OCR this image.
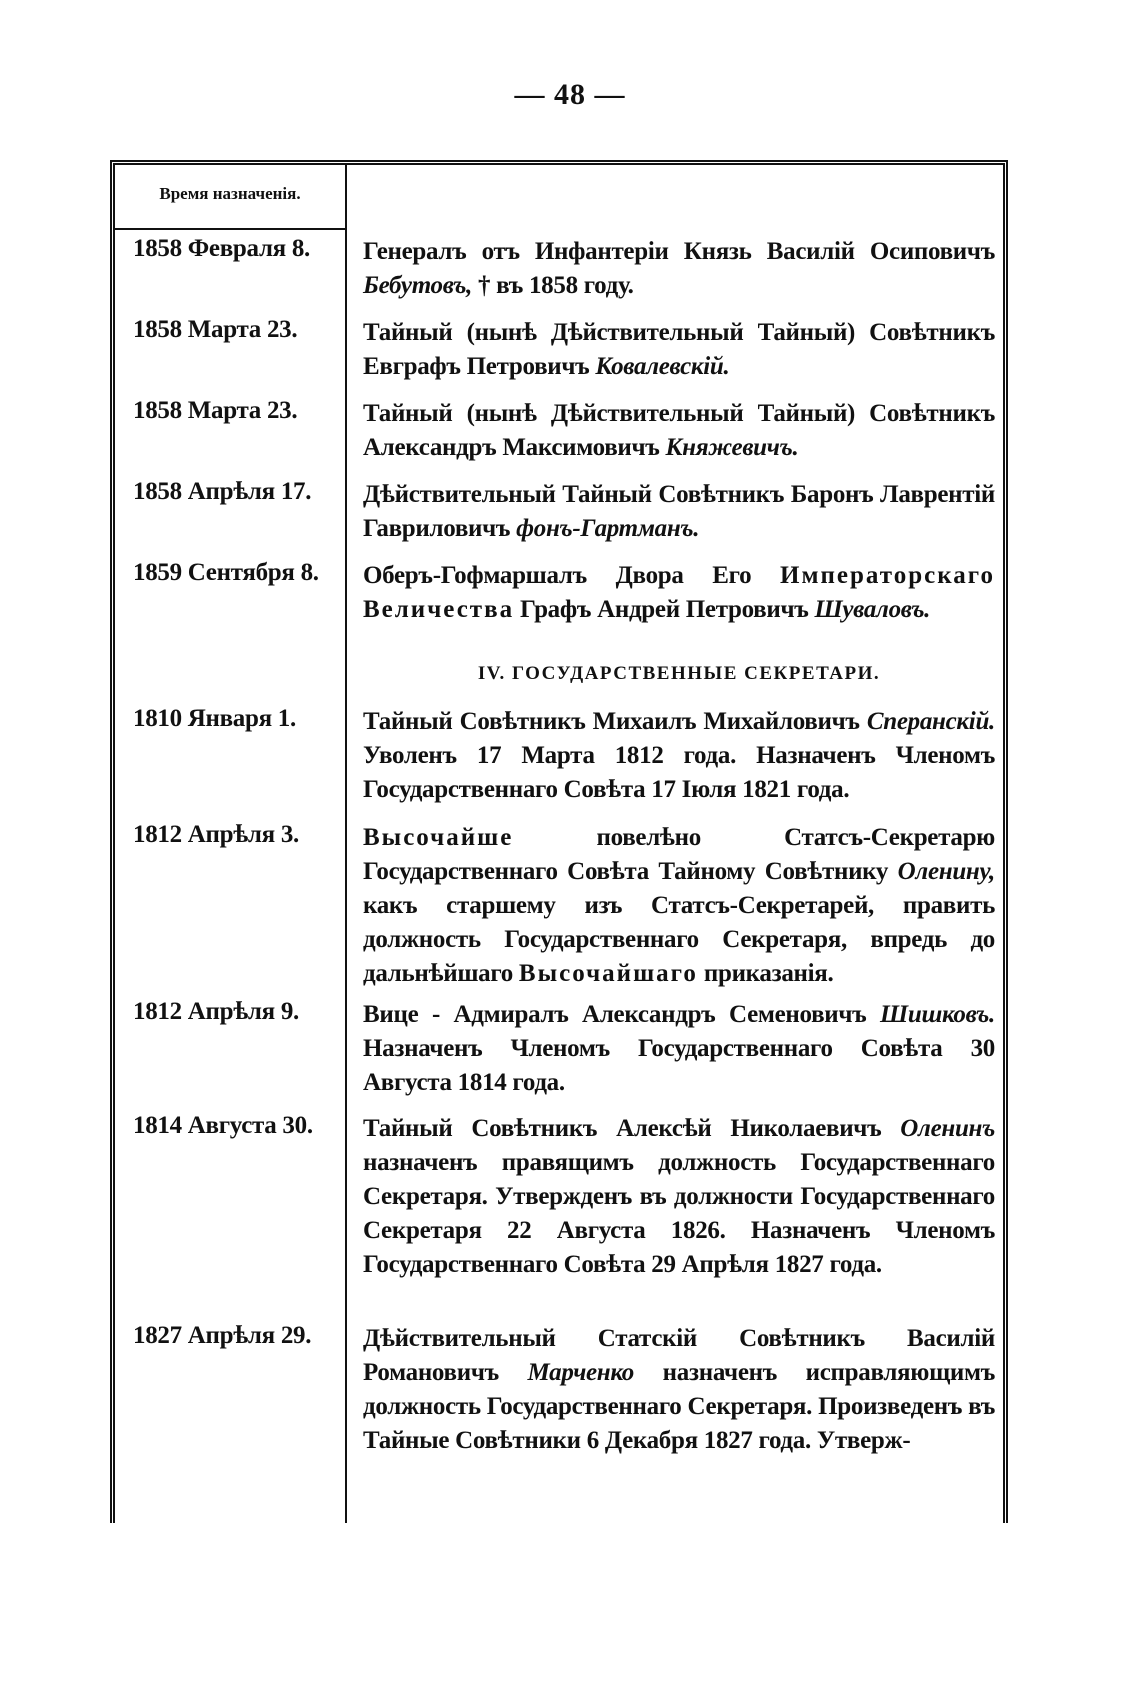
— 48 —
Время назначенія.
1858 Февраля 8.	Генералъ отъ Инфантеріи Князь Василій Осиповичъ Бебутовъ, † въ 1858 году.
1858 Марта 23.	Тайный (нынѣ Дѣйствительный Тайный) Совѣтникъ Евграфъ Петровичъ Ковалевскій.
1858 Марта 23.	Тайный (нынѣ Дѣйствительный Тайный) Совѣтникъ Александръ Максимовичъ Княжевичъ.
1858 Апрѣля 17.	Дѣйствительный Тайный Совѣтникъ Баронъ Лаврентій Гавриловичъ фонъ-Гартманъ.
1859 Сентября 8.	Оберъ-Гофмаршалъ Двора Его Императорскаго Величества Графъ Андрей Петровичъ Шуваловъ.
IV. ГОСУДАРСТВЕННЫЕ СЕКРЕТАРИ.
1810 Января 1.	Тайный Совѣтникъ Михаилъ Михайловичъ Сперанскій. Уволенъ 17 Марта 1812 года. Назначенъ Членомъ Государственнаго Совѣта 17 Іюля 1821 года.
1812 Апрѣля 3.	Высочайше повелѣно Статсъ-Секретарю Государственнаго Совѣта Тайному Совѣтнику Оленину, какъ старшему изъ Статсъ-Секретарей, править должность Государственнаго Секретаря, впредь до дальнѣйшаго Высочайшаго приказанія.
1812 Апрѣля 9.	Вице - Адмиралъ Александръ Семеновичъ Шишковъ. Назначенъ Членомъ Государственнаго Совѣта 30 Августа 1814 года.
1814 Августа 30.	Тайный Совѣтникъ Алексѣй Николаевичъ Оленинъ назначенъ правящимъ должность Государственнаго Секретаря. Утвержденъ въ должности Государственнаго Секретаря 22 Августа 1826. Назначенъ Членомъ Государственнаго Совѣта 29 Апрѣля 1827 года.
1827 Апрѣля 29.	Дѣйствительный Статскій Совѣтникъ Василій Романовичъ Марченко назначенъ исправляющимъ должность Государственнаго Секретаря. Произведенъ въ Тайные Совѣтники 6 Декабря 1827 года. Утверж-
